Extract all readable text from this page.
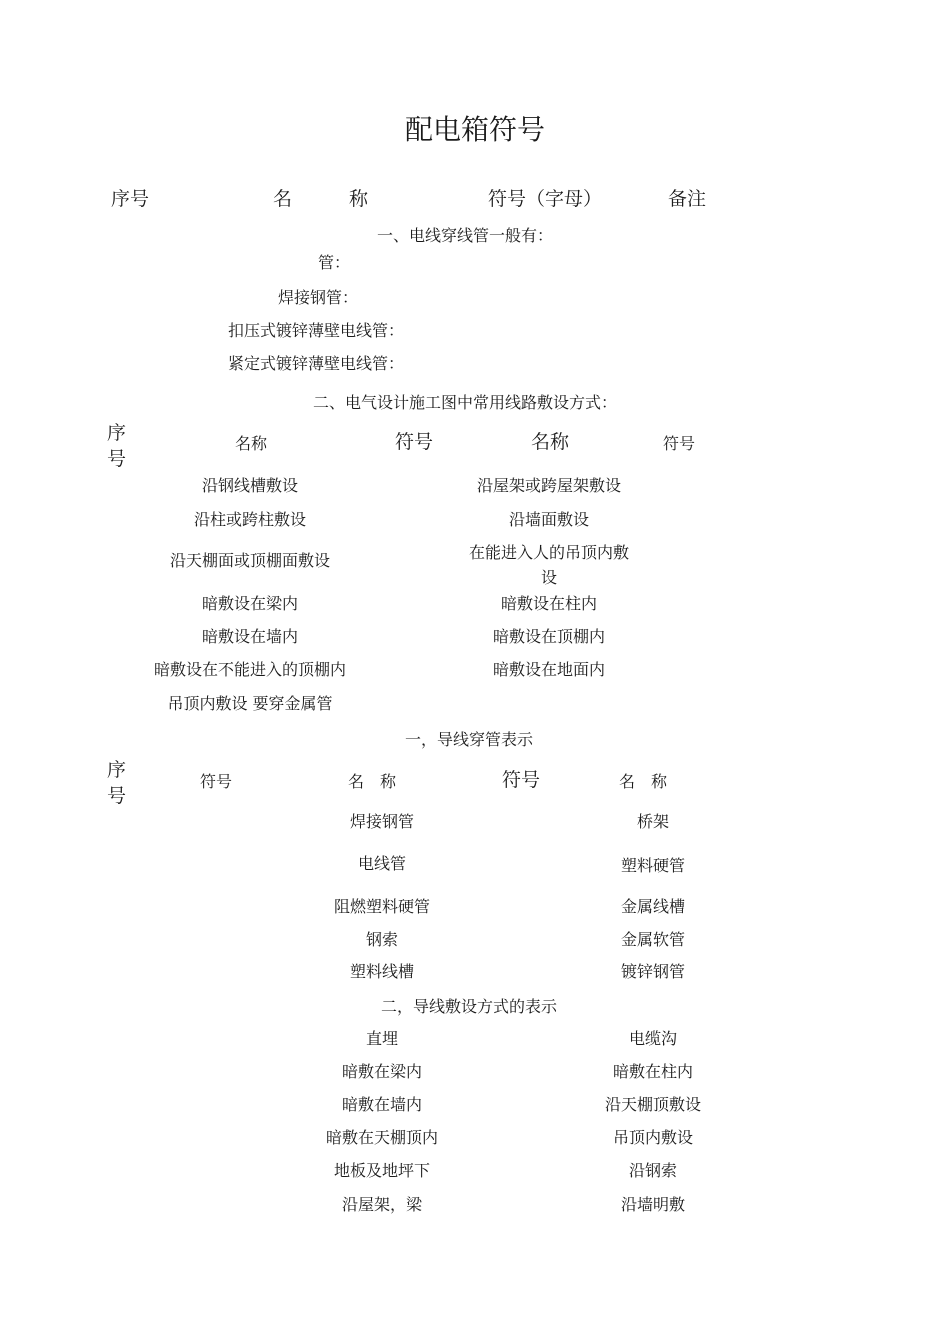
配电箱符号
序号	名	称	符号（字母）	备注
一、电线穿线管一般有：
管：
焊接钢管：
扣压式镀锌薄壁电线管：
紧定式镀锌薄壁电线管：
二、电气设计施工图中常用线路敷设方式：
序号
名称	符号	名称	符号
沿钢线槽敷设	沿屋架或跨屋架敷设
沿柱或跨柱敷设	沿墙面敷设
沿天棚面或顶棚面敷设	在能进入人的吊顶内敷设
暗敷设在梁内	暗敷设在柱内
暗敷设在墙内	暗敷设在顶棚内
暗敷设在不能进入的顶棚内	暗敷设在地面内
吊顶内敷设 要穿金属管
一，导线穿管表示
序号
符号	名　称	符号	名　称
焊接钢管	桥架
电线管	塑料硬管
阻燃塑料硬管	金属线槽
钢索	金属软管
塑料线槽	镀锌钢管
二，导线敷设方式的表示
直埋	电缆沟
暗敷在梁内	暗敷在柱内
暗敷在墙内	沿天棚顶敷设
暗敷在天棚顶内	吊顶内敷设
地板及地坪下	沿钢索
沿屋架，梁	沿墙明敷
